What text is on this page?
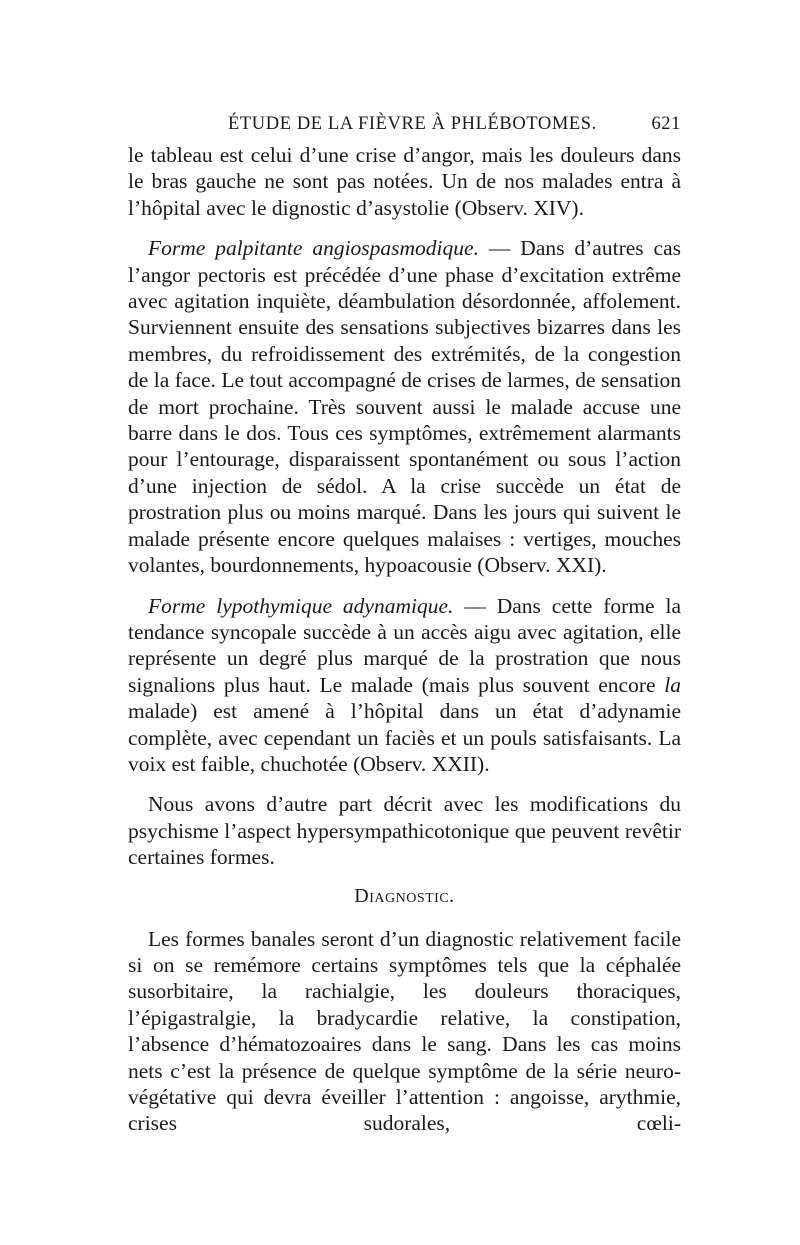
ÉTUDE DE LA FIÈVRE À PHLÉBOTOMES.	621

le tableau est celui d’une crise d’angor, mais les douleurs dans le bras gauche ne sont pas notées. Un de nos malades entra à l’hôpital avec le dignostic d’asystolie (Observ. XIV).

Forme palpitante angiospasmodique. — Dans d’autres cas l’angor pectoris est précédée d’une phase d’excitation extrême avec agitation inquiète, déambulation désordonnée, affolement. Surviennent ensuite des sensations subjectives bizarres dans les membres, du refroidissement des extrémités, de la congestion de la face. Le tout accompagné de crises de larmes, de sensation de mort prochaine. Très souvent aussi le malade accuse une barre dans le dos. Tous ces symptômes, extrêmement alarmants pour l’entourage, disparaissent spontanément ou sous l’action d’une injection de sédol. A la crise succède un état de prostration plus ou moins marqué. Dans les jours qui suivent le malade présente encore quelques malaises : vertiges, mouches volantes, bourdonnements, hypoacousie (Observ. XXI).

Forme lypothymique adynamique. — Dans cette forme la tendance syncopale succède à un accès aigu avec agitation, elle représente un degré plus marqué de la prostration que nous signalions plus haut. Le malade (mais plus souvent encore la malade) est amené à l’hôpital dans un état d’adynamie complète, avec cependant un faciès et un pouls satisfaisants. La voix est faible, chuchotée (Observ. XXII).

Nous avons d’autre part décrit avec les modifications du psychisme l’aspect hypersympathicotonique que peuvent revêtir certaines formes.

Diagnostic.

Les formes banales seront d’un diagnostic relativement facile si on se remémore certains symptômes tels que la céphalée susorbitaire, la rachialgie, les douleurs thoraciques, l’épigastralgie, la bradycardie relative, la constipation, l’absence d’hématozoaires dans le sang. Dans les cas moins nets c’est la présence de quelque symptôme de la série neuro-végétative qui devra éveiller l’attention : angoisse, arythmie, crises sudorales, cœli-
